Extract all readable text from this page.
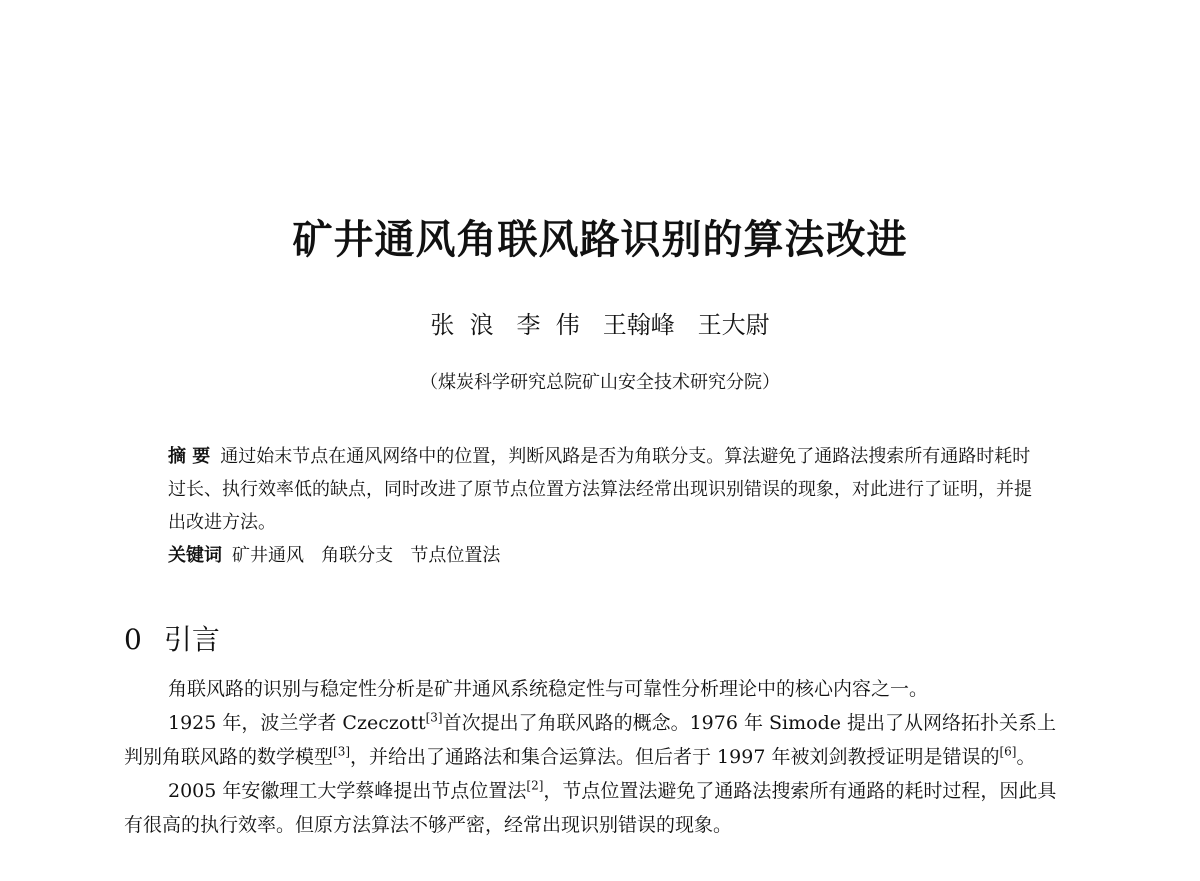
矿井通风角联风路识别的算法改进
张  浪   李  伟   王翰峰   王大尉
（煤炭科学研究总院矿山安全技术研究分院）
摘 要 通过始末节点在通风网络中的位置，判断风路是否为角联分支。算法避免了通路法搜索所有通路时耗时过长、执行效率低的缺点，同时改进了原节点位置方法算法经常出现识别错误的现象，对此进行了证明，并提出改进方法。
关键词 矿井通风   角联分支   节点位置法
0 引言

角联风路的识别与稳定性分析是矿井通风系统稳定性与可靠性分析理论中的核心内容之一。

1925 年，波兰学者 Czeczott[3]首次提出了角联风路的概念。1976 年 Simode 提出了从网络拓扑关系上判别角联风路的数学模型[3]，并给出了通路法和集合运算法。但后者于 1997 年被刘剑教授证明是错误的[6]。

2005 年安徽理工大学蔡峰提出节点位置法[2]，节点位置法避免了通路法搜索所有通路的耗时过程，因此具有很高的执行效率。但原方法算法不够严密，经常出现识别错误的现象。
